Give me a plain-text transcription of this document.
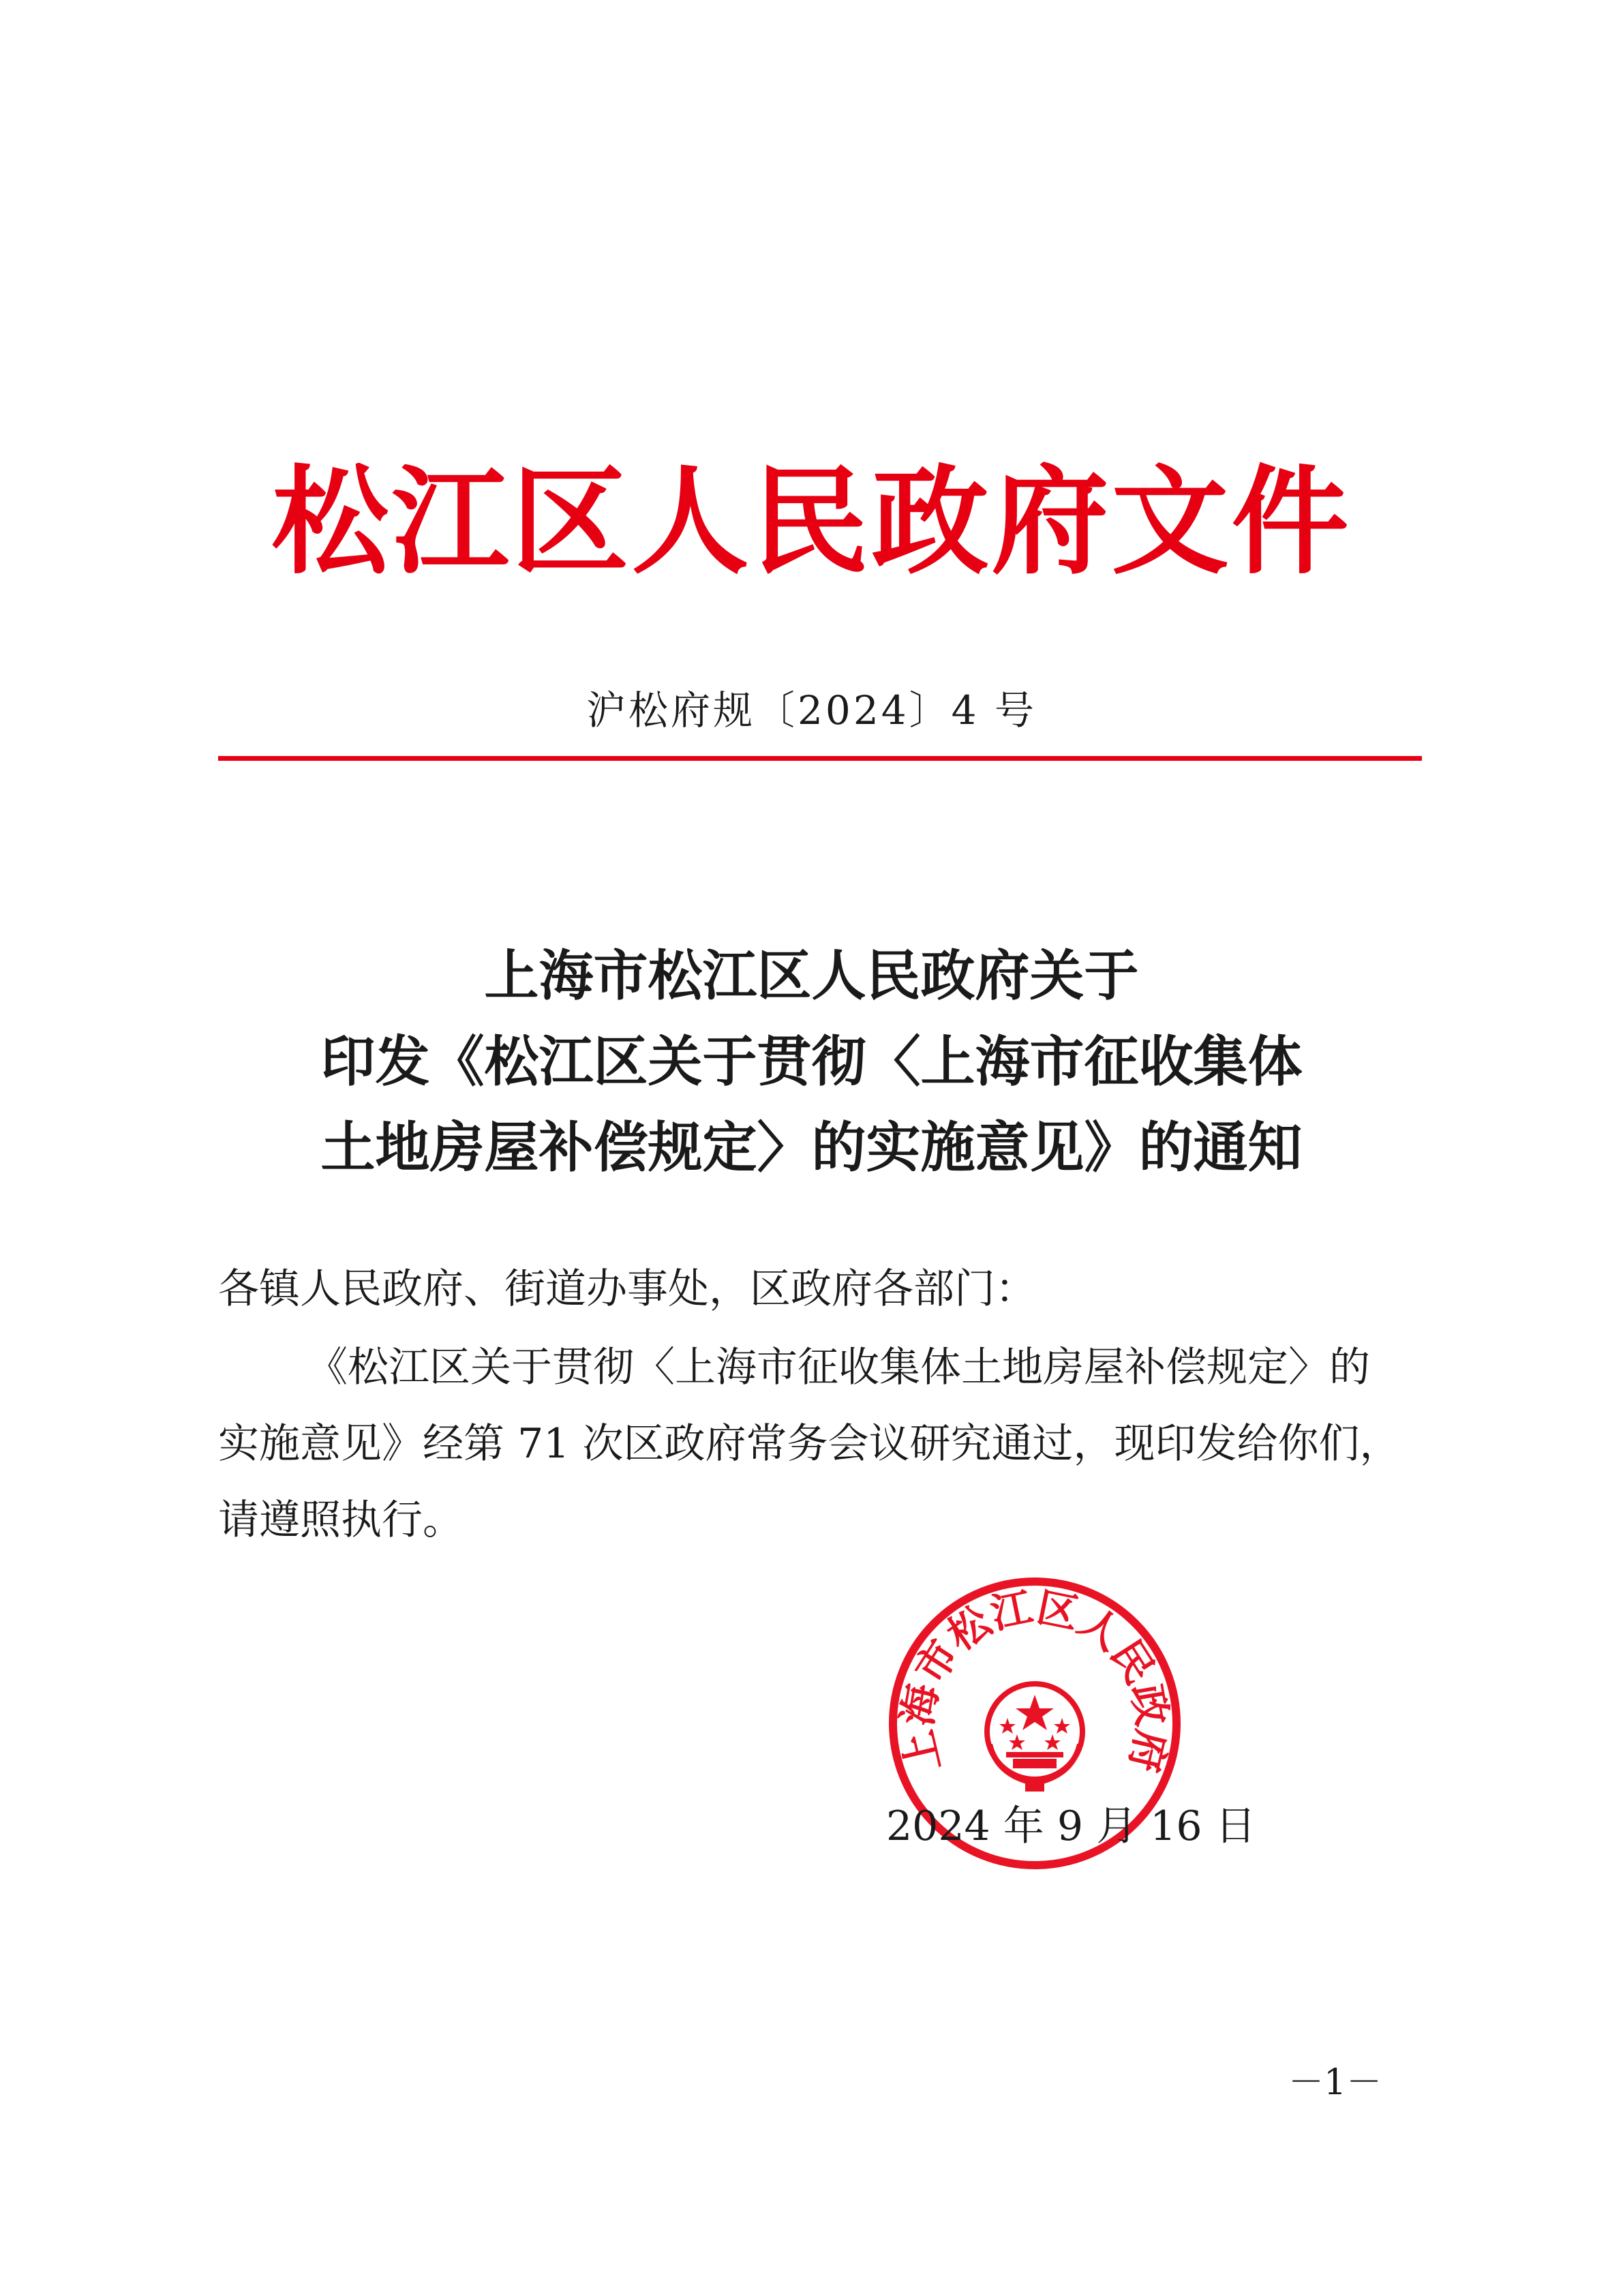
松江区人民政府文件
沪松府规〔2024〕4 号
上海市松江区人民政府关于
印发《松江区关于贯彻〈上海市征收集体
土地房屋补偿规定〉的实施意见》的通知
各镇人民政府、街道办事处，区政府各部门：
《松江区关于贯彻〈上海市征收集体土地房屋补偿规定〉的
实施意见》经第 71 次区政府常务会议研究通过，现印发给你们，
请遵照执行。
上海市松江区人民政府
2024 年 9 月 16 日
－1－
